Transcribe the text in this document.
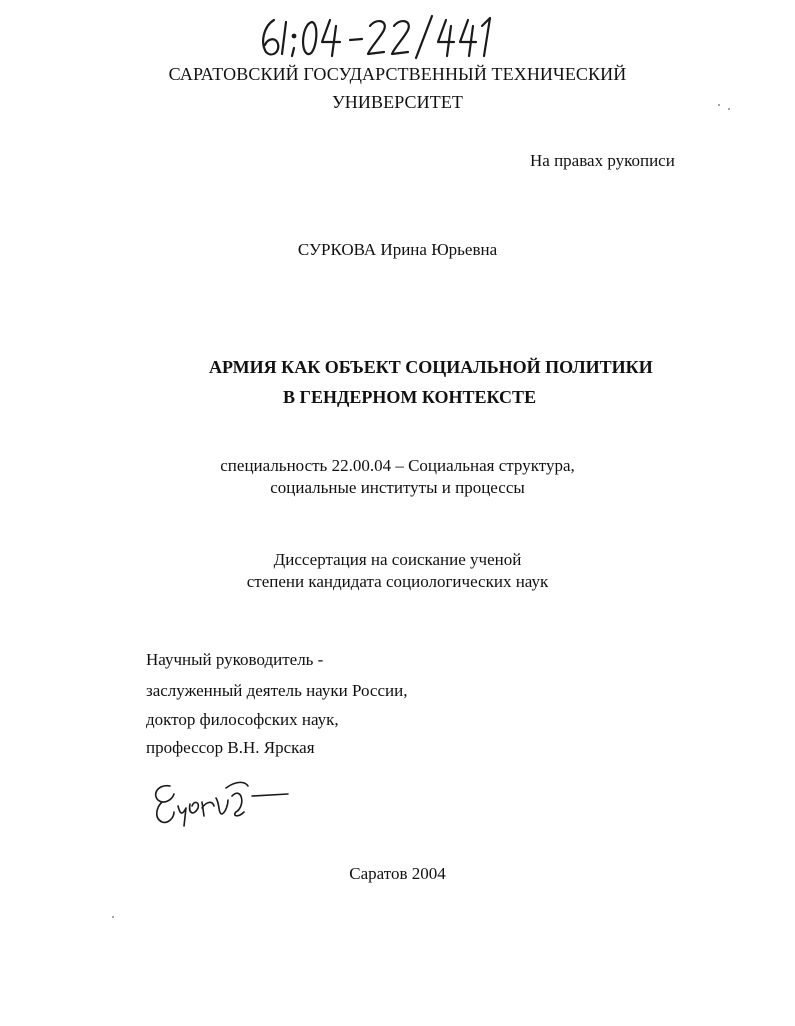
САРАТОВСКИЙ ГОСУДАРСТВЕННЫЙ ТЕХНИЧЕСКИЙ
УНИВЕРСИТЕТ
На правах рукописи
СУРКОВА Ирина Юрьевна
АРМИЯ КАК ОБЪЕКТ СОЦИАЛЬНОЙ ПОЛИТИКИ
В ГЕНДЕРНОМ КОНТЕКСТЕ
специальность 22.00.04 – Социальная структура,
социальные институты и процессы
Диссертация на соискание ученой
степени кандидата социологических наук
Научный руководитель -
заслуженный деятель науки России,
доктор философских наук,
профессор В.Н. Ярская
Саратов 2004
